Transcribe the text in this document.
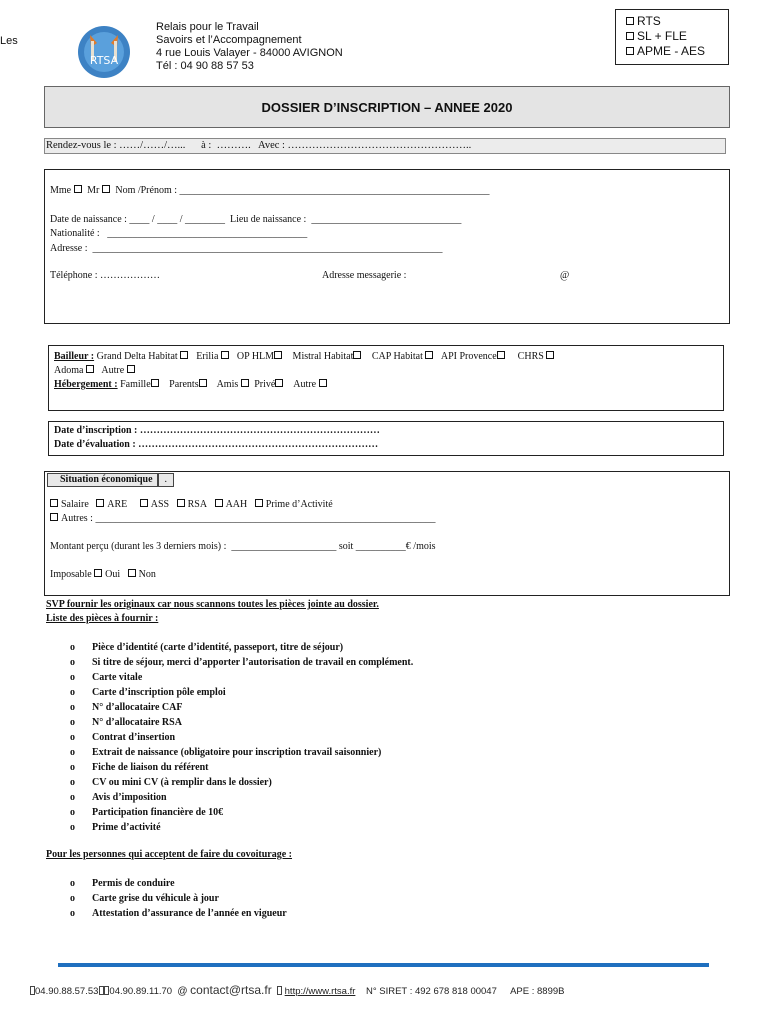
Les
RTSA
Relais pour le Travail
Savoirs et l’Accompagnement
4 rue Louis Valayer - 84000 AVIGNON
Tél : 04 90 88 57 53
RTS
SL + FLE
APME - AES
DOSSIER D’INSCRIPTION – ANNEE 2020
Rendez-vous le : ……/……/…...      à :  ……….   Avec : ……………………………………………..
Mme Mr Nom /Prénom : ______________________________________________________________
Date de naissance : ____ / ____ / ________  Lieu de naissance :  ______________________________
Nationalité :   ________________________________________
Adresse :  ______________________________________________________________________
Téléphone : ………………	Adresse messagerie :	@
Bailleur : Grand Delta Habitat Erilia OP HLM Mistral Habitat CAP Habitat API Provence CHRS
Adoma Autre
Hébergement : Famille Parents Amis Privé Autre
Date d’inscription : ………………………………………………………………
Date d’évaluation : ………………………………………………………………
Situation économique .
Salaire ARE ASS RSA AAH Prime d’Activité
Autres : ____________________________________________________________________
Montant perçu (durant les 3 derniers mois) :  _____________________ soit __________€ /mois
Imposable Oui Non
SVP fournir les originaux car nous scannons toutes les pièces jointe au dossier.
Liste des pièces à fournir :
o Pièce d’identité (carte d’identité, passeport, titre de séjour)
o Si titre de séjour, merci d’apporter l’autorisation de travail en complément.
o Carte vitale
o Carte d’inscription pôle emploi
o N° d’allocataire CAF
o N° d’allocataire RSA
o Contrat d’insertion
o Extrait de naissance (obligatoire pour inscription travail saisonnier)
o Fiche de liaison du référent
o CV ou mini CV (à remplir dans le dossier)
o Avis d’imposition
o Participation financière de 10€
o Prime d’activité
Pour les personnes qui acceptent de faire du covoiturage :
o Permis de conduire
o Carte grise du véhicule à jour
o Attestation d’assurance de l’année en vigueur
04.90.88.57.53 04.90.89.11.70 @ contact@rtsa.fr http://www.rtsa.fr N° SIRET : 492 678 818 00047 APE : 8899B
